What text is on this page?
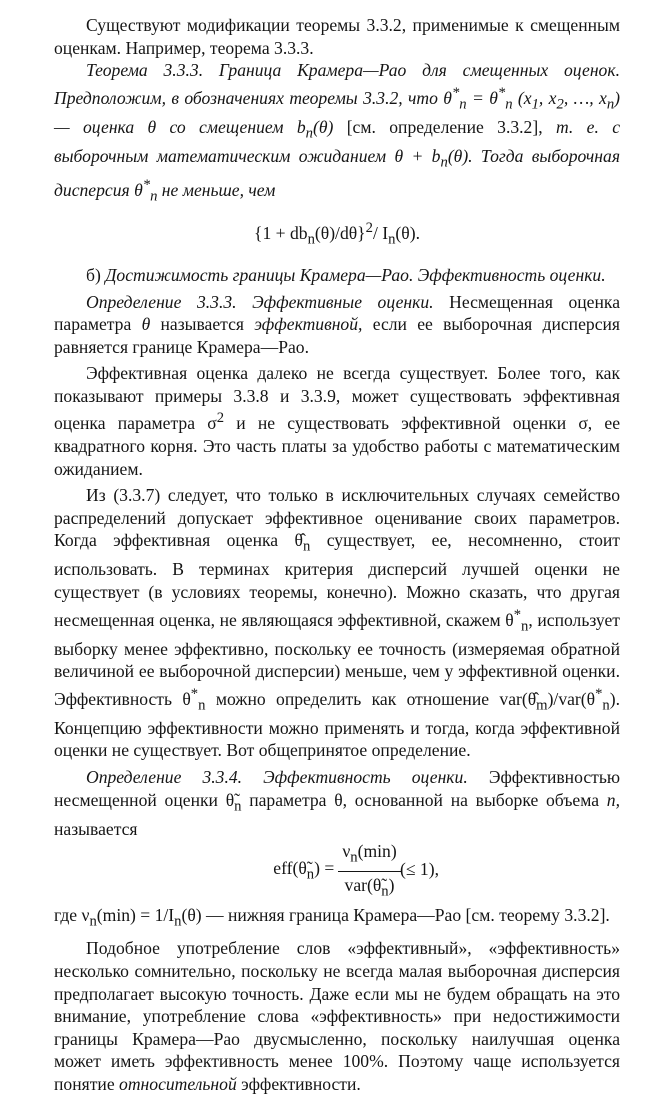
Существуют модификации теоремы 3.3.2, применимые к смещенным оценкам. Например, теорема 3.3.3.

Теорема 3.3.3. Граница Крамера—Рао для смещенных оценок. Предположим, в обозначениях теоремы 3.3.2, что $\theta^*_n = \theta^*_n$ ($x_1$, $x_2$, …, $x_n$) — оценка θ со смещением $b_n(\theta)$ [см. определение 3.3.2], т. е. с выборочным математическим ожиданием $\theta + b_n(\theta)$. Тогда выборочная дисперсия $\theta^*_n$ не меньше, чем

$\{1 + db_n(\theta)/d\theta\}^2/$ $I_n(\theta)$.

б) Достижимость границы Крамера—Рао. Эффективность оценки.

Определение 3.3.3. Эффективные оценки. Несмещенная оценка параметра θ называется эффективной, если ее выборочная дисперсия равняется границе Крамера—Рао.

Эффективная оценка далеко не всегда существует. Более того, как показывают примеры 3.3.8 и 3.3.9, может существовать эффективная оценка параметра $\sigma^2$ и не существовать эффективной оценки σ, ее квадратного корня. Это часть платы за удобство работы с математическим ожиданием.

Из (3.3.7) следует, что только в исключительных случаях семейство распределений допускает эффективное оценивание своих параметров. Когда эффективная оценка $\thetâ_n$ существует, ее, несомненно, стоит использовать. В терминах критерия дисперсий лучшей оценки не существует (в условиях теоремы, конечно). Можно сказать, что другая несмещенная оценка, не являющаяся эффективной, скажем $\theta^*_n$, использует выборку менее эффективно, поскольку ее точность (измеряемая обратной величиной ее выборочной дисперсии) меньше, чем у эффективной оценки. Эффективность $\theta^*_n$ можно определить как отношение $var(\thetâ_m)/var(\theta^*_n)$. Концепцию эффективности можно применять и тогда, когда эффективной оценки не существует. Вот общепринятое определение.

Определение 3.3.4. Эффективность оценки. Эффективностью несмещенной оценки $\thetã_n$ параметра θ, основанной на выборке объема n, называется

$eff(\thetã_n) = \frac{\nu_n(\min)}{var(\thetã_n)}$ (≤ 1),

где $\nu_n(\min) = 1/I_n(\theta)$ — нижняя граница Крамера—Рао [см. теорему 3.3.2].

Подобное употребление слов «эффективный», «эффективность» несколько сомнительно, поскольку не всегда малая выборочная дисперсия предполагает высокую точность. Даже если мы не будем обращать на это внимание, употребление слова «эффективность» при недостижимости границы Крамера—Рао двусмысленно, поскольку наилучшая оценка может иметь эффективность менее 100%. Поэтому чаще используется понятие относительной эффективности.
